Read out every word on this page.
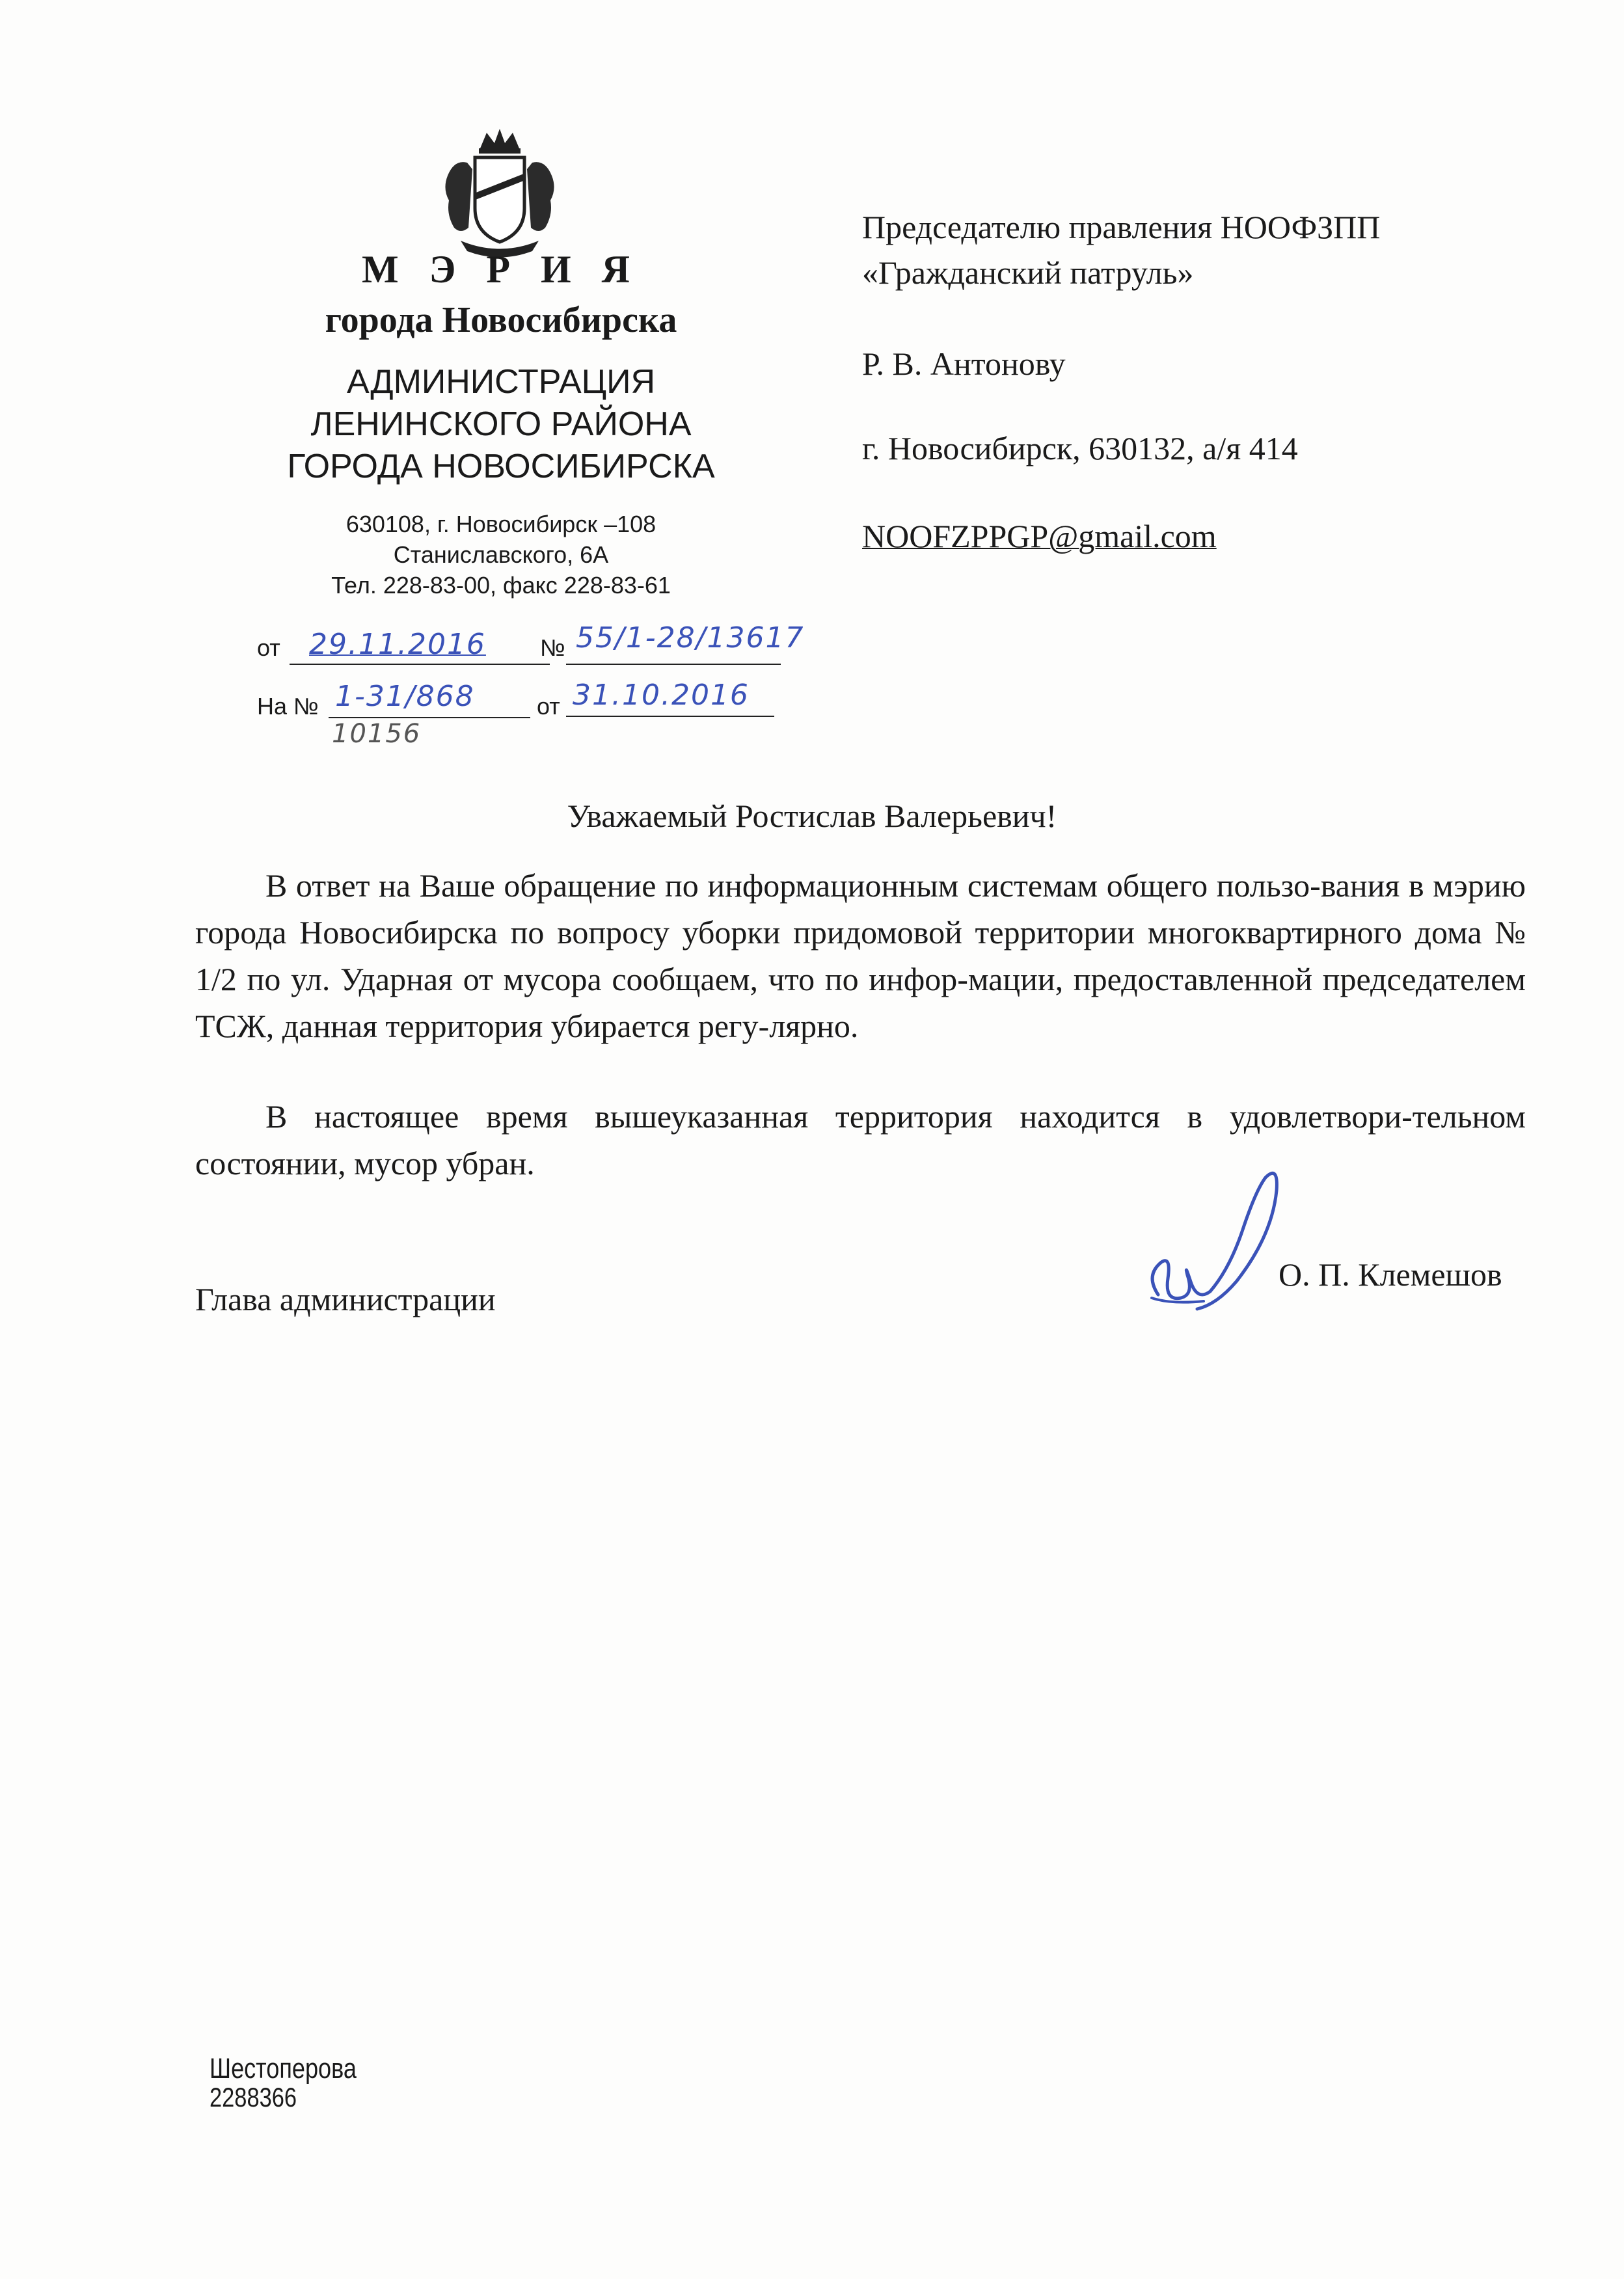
М Э Р И Я
города Новосибирска
АДМИНИСТРАЦИЯ
ЛЕНИНСКОГО РАЙОНА
ГОРОДА НОВОСИБИРСКА
630108, г. Новосибирск –108
Станиславского, 6А
Тел. 228-83-00, факс 228-83-61
от 29.11.2016 № 55/1-28/13617
На № 1-31/868	от 31.10.2016
10156
Председателю правления НООФЗПП
«Гражданский патруль»
Р. В. Антонову
г. Новосибирск, 630132, а/я 414
NOOFZPPGP@gmail.com
Уважаемый Ростислав Валерьевич!
В ответ на Ваше обращение по информационным системам общего пользо-вания в мэрию города Новосибирска по вопросу уборки придомовой территории многоквартирного дома № 1/2 по ул. Ударная от мусора сообщаем, что по инфор-мации, предоставленной председателем ТСЖ, данная территория убирается регу-лярно.
В настоящее время вышеуказанная территория находится в удовлетвори-тельном состоянии, мусор убран.
Глава администрации
О. П. Клемешов
Шестоперова
2288366
